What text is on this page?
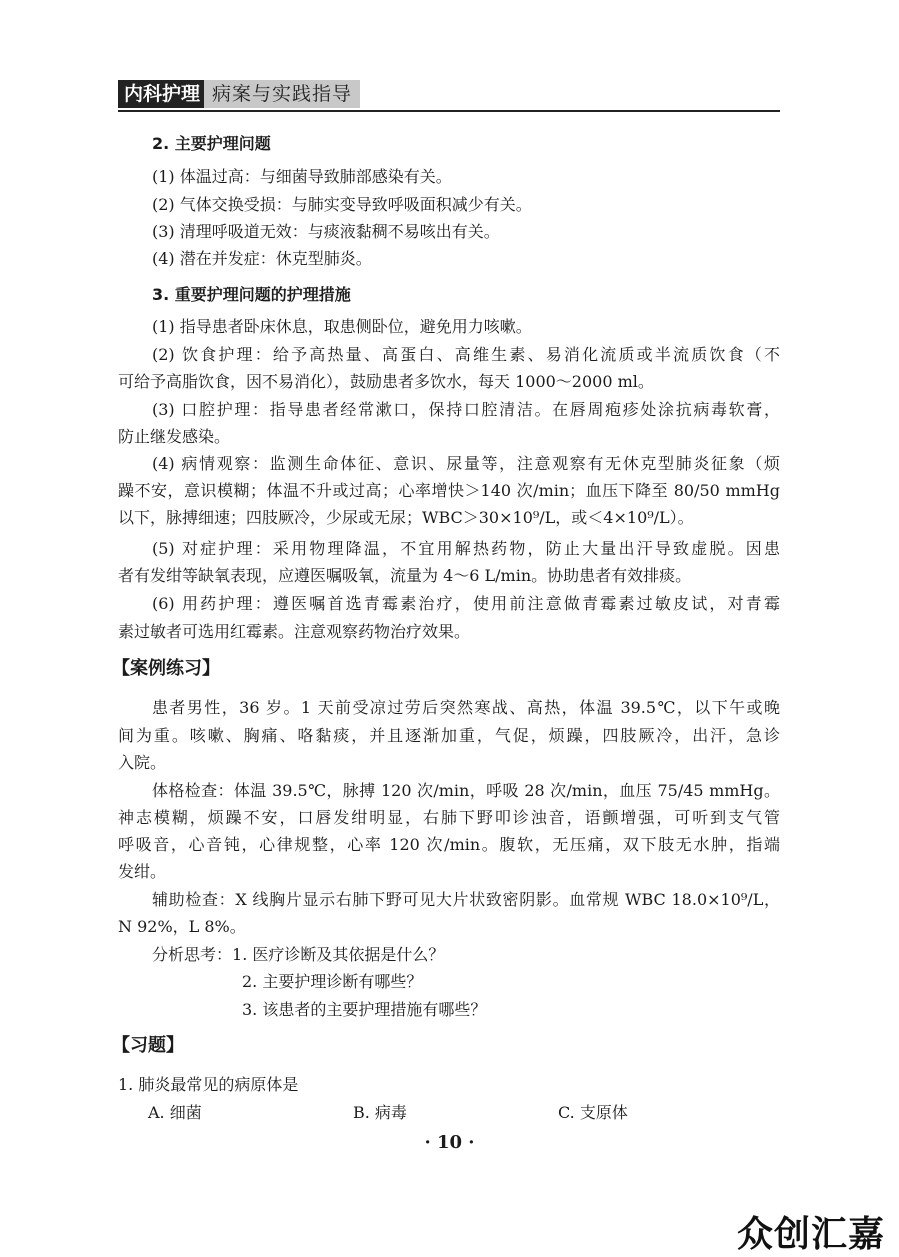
内科护理 病案与实践指导

2. 主要护理问题

(1) 体温过高：与细菌导致肺部感染有关。

(2) 气体交换受损：与肺实变导致呼吸面积减少有关。

(3) 清理呼吸道无效：与痰液黏稠不易咳出有关。

(4) 潜在并发症：休克型肺炎。

3. 重要护理问题的护理措施

(1) 指导患者卧床休息，取患侧卧位，避免用力咳嗽。

(2) 饮食护理：给予高热量、高蛋白、高维生素、易消化流质或半流质饮食（不

可给予高脂饮食，因不易消化），鼓励患者多饮水，每天 1000～2000 ml。

(3) 口腔护理：指导患者经常漱口，保持口腔清洁。在唇周疱疹处涂抗病毒软膏，

防止继发感染。

(4) 病情观察：监测生命体征、意识、尿量等，注意观察有无休克型肺炎征象（烦

躁不安，意识模糊；体温不升或过高；心率增快＞140 次/min；血压下降至 80/50 mmHg

以下，脉搏细速；四肢厥冷，少尿或无尿；WBC＞30×10⁹/L，或＜4×10⁹/L）。

(5) 对症护理：采用物理降温，不宜用解热药物，防止大量出汗导致虚脱。因患

者有发绀等缺氧表现，应遵医嘱吸氧，流量为 4～6 L/min。协助患者有效排痰。

(6) 用药护理：遵医嘱首选青霉素治疗，使用前注意做青霉素过敏皮试，对青霉

素过敏者可选用红霉素。注意观察药物治疗效果。

【案例练习】

患者男性，36 岁。1 天前受凉过劳后突然寒战、高热，体温 39.5℃，以下午或晚

间为重。咳嗽、胸痛、咯黏痰，并且逐渐加重，气促，烦躁，四肢厥冷，出汗，急诊

入院。

体格检查：体温 39.5℃，脉搏 120 次/min，呼吸 28 次/min，血压 75/45 mmHg。

神志模糊，烦躁不安，口唇发绀明显，右肺下野叩诊浊音，语颤增强，可听到支气管

呼吸音，心音钝，心律规整，心率 120 次/min。腹软，无压痛，双下肢无水肿，指端

发绀。

辅助检查：X 线胸片显示右肺下野可见大片状致密阴影。血常规 WBC 18.0×10⁹/L，

N 92%，L 8%。

分析思考：1. 医疗诊断及其依据是什么？

2. 主要护理诊断有哪些？

3. 该患者的主要护理措施有哪些？

【习题】

1. 肺炎最常见的病原体是

A. 细菌	B. 病毒	C. 支原体

· 10 ·
众创汇嘉
